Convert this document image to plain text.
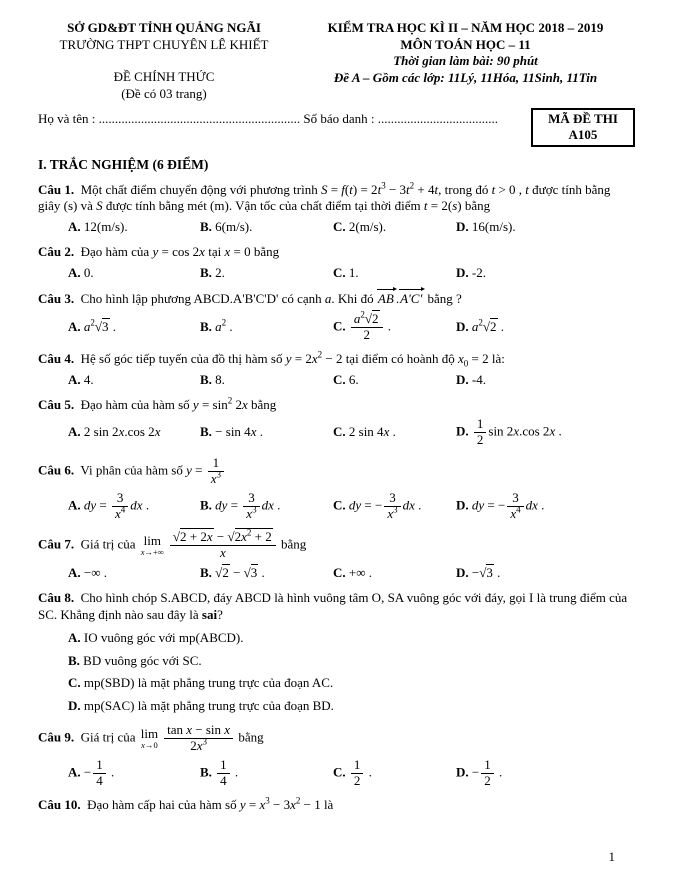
SỞ GD&ĐT TỈNH QUẢNG NGÃI
TRƯỜNG THPT CHUYÊN LÊ KHIẾT
ĐỀ CHÍNH THỨC
(Đề có 03 trang)
KIỂM TRA HỌC KÌ II – NĂM HỌC 2018 – 2019
MÔN TOÁN HỌC – 11
Thời gian làm bài: 90 phút
Đề A – Gồm các lớp: 11Lý, 11Hóa, 11Sinh, 11Tin
Họ và tên : .............................................................. Số báo danh : .....................................	MÃ ĐỀ THI
A105
I. TRẮC NGHIỆM (6 ĐIỂM)

Câu 1.  Một chất điểm chuyển động với phương trình $S = f(t) = 2t^3 - 3t^2 + 4t$, trong đó t > 0 , t được tính bằng giây (s) và S được tính bằng mét (m). Vận tốc của chất điểm tại thời điểm t = 2(s) bằng

A. 12(m/s).	B. 6(m/s).	C. 2(m/s).	D. 16(m/s).

Câu 2.  Đạo hàm của y = cos 2x tại x = 0 bằng

A. 0.	B. 2.	C. 1.	D. -2.

Câu 3.  Cho hình lập phương ABCD.A'B'C'D' có cạnh a. Khi đó AB .A'C' bằng ?

A. $a^2√3$ .	B. $a^2$ .	C. $\frac{a^2√2}{2}$ .	D. $a^2√2$ .

Câu 4.  Hệ số góc tiếp tuyến của đồ thị hàm số $y = 2x^2 - 2$ tại điểm có hoành độ $x_0 = 2$ là:

A. 4.	B. 8.	C. 6.	D. -4.

Câu 5.  Đạo hàm của hàm số $y = \sin^2 2x$ bằng

A. 2 sin 2x.cos 2x	B. − sin 4x .	C. 2 sin 4x .	D. $\frac{1}{2}$ sin 2x.cos 2x .

Câu 6.  Vi phân của hàm số $y = \frac{1}{x^3}$

A. dy = $\frac{3}{x^4}$ dx .	B. dy = $\frac{3}{x^3}$ dx .	C. dy = − $\frac{3}{x^3}$ dx .	D. dy = − $\frac{3}{x^4}$ dx .

Câu 7.  Giá trị của lim
$x\to+\infty \frac{√2 + 2x - √2x^2 + 2}{x}$ bằng

A. −∞ .	B. √2 − √3 .	C. +∞ .	D. −√3 .

Câu 8.  Cho hình chóp S.ABCD, đáy ABCD là hình vuông tâm O, SA vuông góc với đáy, gọi I là trung điểm của SC. Khẳng định nào sau đây là sai?

A. IO vuông góc với mp(ABCD).
B. BD vuông góc với SC.
C. mp(SBD) là mặt phẳng trung trực của đoạn AC.
D. mp(SAC) là mặt phẳng trung trực của đoạn BD.

Câu 9.  Giá trị của lim
$x\to 0 \frac{\text{tan x − sin x}}{2x^3}$ bằng

A. − $\frac{1}{4}$ .	B. $\frac{1}{4}$ .	C. $\frac{1}{2}$ .	D. − $\frac{1}{2}$ .

Câu 10.  Đạo hàm cấp hai của hàm số $y = x^3 - 3x^2 - 1$ là

1
